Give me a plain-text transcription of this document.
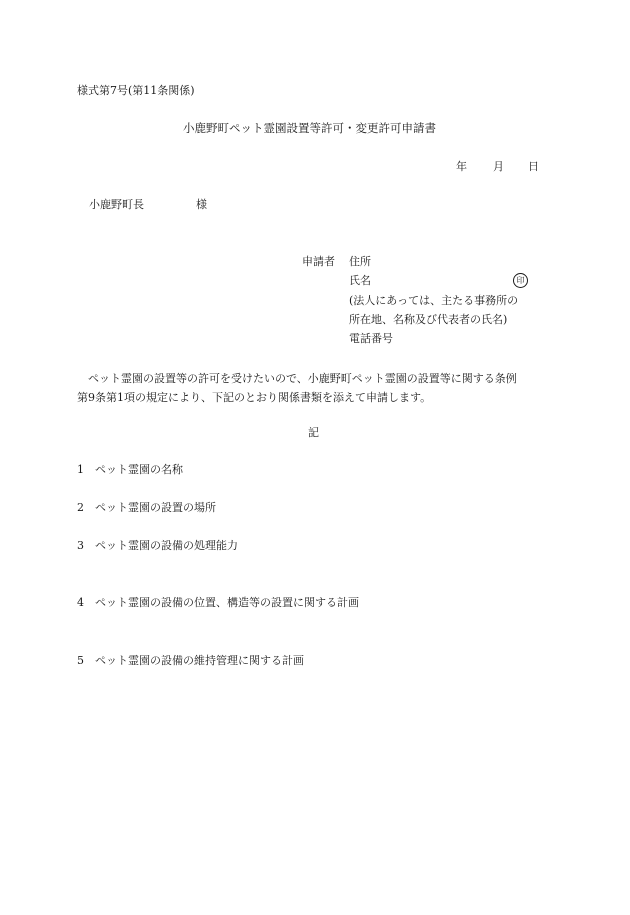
様式第7号(第11条関係)
小鹿野町ペット霊園設置等許可・変更許可申請書
年 月 日
小鹿野町長	様
申請者 住所
氏名	印
(法人にあっては、主たる事務所の
所在地、名称及び代表者の氏名)
電話番号
ペット霊園の設置等の許可を受けたいので、小鹿野町ペット霊園の設置等に関する条例
第9条第1項の規定により、下記のとおり関係書類を添えて申請します。
記
1 ペット霊園の名称
2 ペット霊園の設置の場所
3 ペット霊園の設備の処理能力
4 ペット霊園の設備の位置、構造等の設置に関する計画
5 ペット霊園の設備の維持管理に関する計画
